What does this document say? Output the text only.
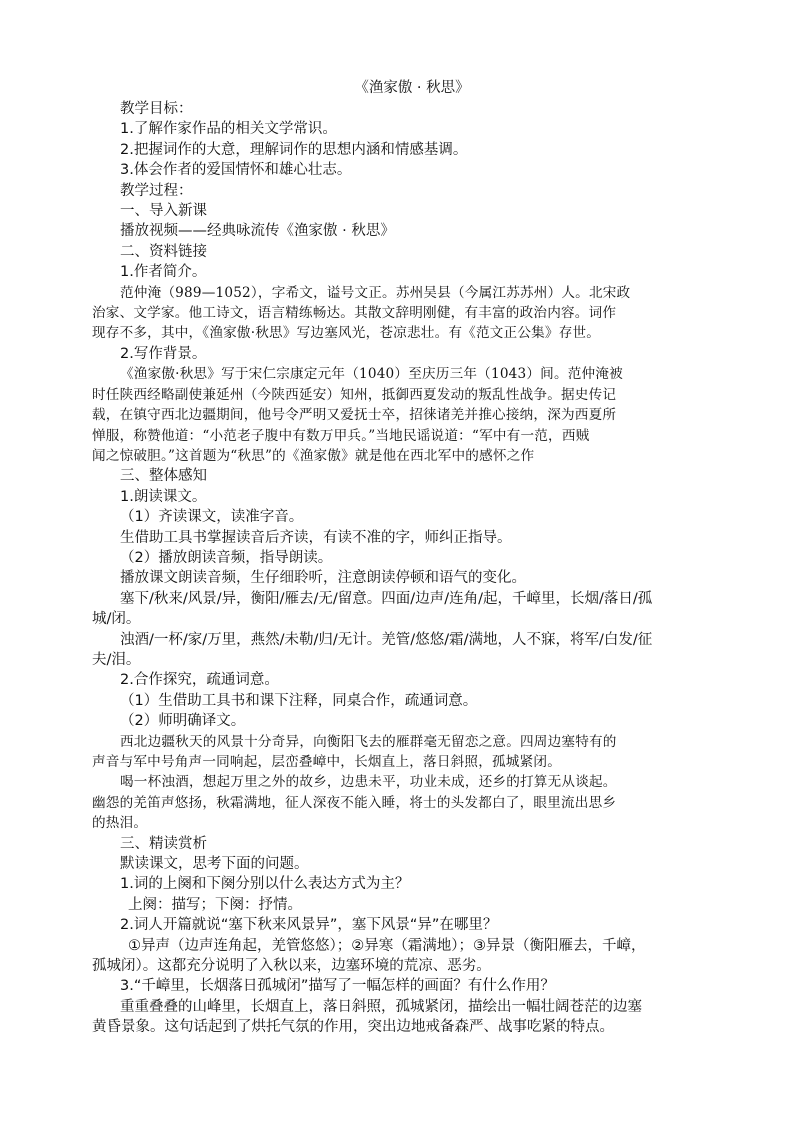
《渔家傲 · 秋思》
教学目标：
1.了解作家作品的相关文学常识。
2.把握词作的大意，理解词作的思想内涵和情感基调。
3.体会作者的爱国情怀和雄心壮志。
教学过程：
一、导入新课
播放视频——经典咏流传《渔家傲 · 秋思》
二、资料链接
1.作者简介。
范仲淹（989—1052），字希文，谥号文正。苏州吴县（今属江苏苏州）人。北宋政
治家、文学家。他工诗文，语言精练畅达。其散文辞明刚健，有丰富的政治内容。词作
现存不多，其中，《渔家傲·秋思》写边塞风光，苍凉悲壮。有《范文正公集》存世。
2.写作背景。
《渔家傲·秋思》写于宋仁宗康定元年（1040）至庆历三年（1043）间。范仲淹被
时任陕西经略副使兼延州（今陕西延安）知州，抵御西夏发动的叛乱性战争。据史传记
载，在镇守西北边疆期间，他号令严明又爱抚士卒，招徕诸羌并推心接纳，深为西夏所
惮服，称赞他道：“小范老子腹中有数万甲兵。”当地民谣说道：“军中有一范，西贼
闻之惊破胆。”这首题为“秋思”的《渔家傲》就是他在西北军中的感怀之作
三、整体感知
1.朗读课文。
（1）齐读课文，读准字音。
生借助工具书掌握读音后齐读，有读不准的字，师纠正指导。
（2）播放朗读音频，指导朗读。
播放课文朗读音频，生仔细聆听，注意朗读停顿和语气的变化。
塞下/秋来/风景/异，衡阳/雁去/无/留意。四面/边声/连角/起，千嶂里，长烟/落日/孤
城/闭。
浊酒/一杯/家/万里，燕然/未勒/归/无计。羌管/悠悠/霜/满地，人不寐，将军/白发/征
夫/泪。
2.合作探究，疏通词意。
（1）生借助工具书和课下注释，同桌合作，疏通词意。
（2）师明确译文。
西北边疆秋天的风景十分奇异，向衡阳飞去的雁群毫无留恋之意。四周边塞特有的
声音与军中号角声一同响起，层峦叠嶂中，长烟直上，落日斜照，孤城紧闭。
喝一杯浊酒，想起万里之外的故乡，边患未平，功业未成，还乡的打算无从谈起。
幽怨的羌笛声悠扬，秋霜满地，征人深夜不能入睡，将士的头发都白了，眼里流出思乡
的热泪。
三、精读赏析
默读课文，思考下面的问题。
1.词的上阕和下阕分别以什么表达方式为主？
上阕：描写；下阕：抒情。
2.词人开篇就说“塞下秋来风景异”，塞下风景“异”在哪里？
①异声（边声连角起，羌管悠悠）；②异寒（霜满地）；③异景（衡阳雁去，千嶂，
孤城闭）。这都充分说明了入秋以来，边塞环境的荒凉、恶劣。
3.“千嶂里，长烟落日孤城闭”描写了一幅怎样的画面？有什么作用？
重重叠叠的山峰里，长烟直上，落日斜照，孤城紧闭，描绘出一幅壮阔苍茫的边塞
黄昏景象。这句话起到了烘托气氛的作用，突出边地戒备森严、战事吃紧的特点。
